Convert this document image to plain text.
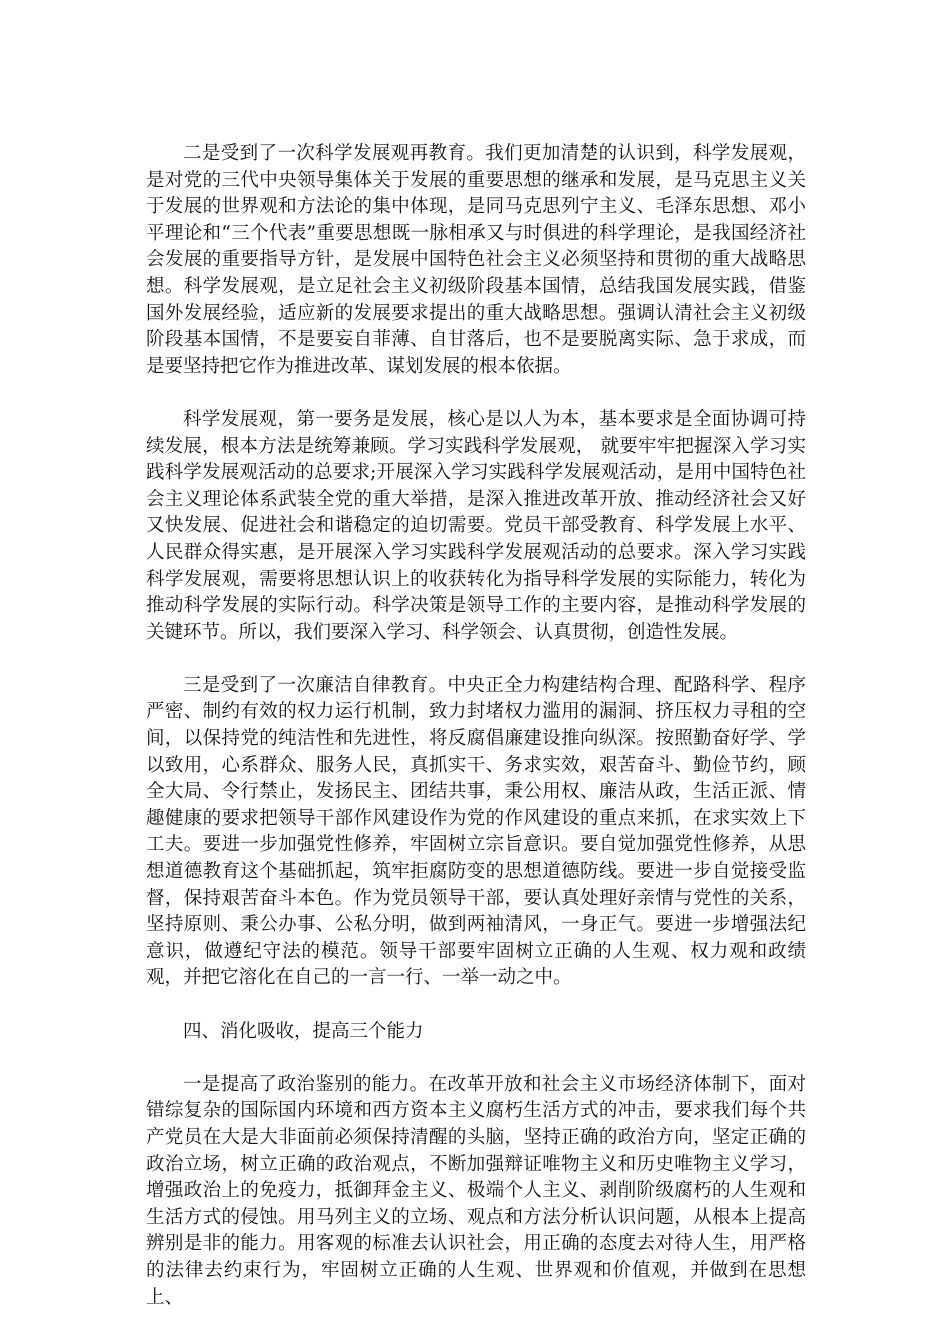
二是受到了一次科学发展观再教育。我们更加清楚的认识到，科学发展观，是对党的三代中央领导集体关于发展的重要思想的继承和发展，是马克思主义关于发展的世界观和方法论的集中体现，是同马克思列宁主义、毛泽东思想、邓小平理论和“三个代表”重要思想既一脉相承又与时俱进的科学理论，是我国经济社会发展的重要指导方针，是发展中国特色社会主义必须坚持和贯彻的重大战略思想。科学发展观，是立足社会主义初级阶段基本国情，总结我国发展实践，借鉴国外发展经验，适应新的发展要求提出的重大战略思想。强调认清社会主义初级阶段基本国情，不是要妄自菲薄、自甘落后，也不是要脱离实际、急于求成，而是要坚持把它作为推进改革、谋划发展的根本依据。

科学发展观，第一要务是发展，核心是以人为本，基本要求是全面协调可持续发展，根本方法是统筹兼顾。学习实践科学发展观， 就要牢牢把握深入学习实践科学发展观活动的总要求;开展深入学习实践科学发展观活动，是用中国特色社会主义理论体系武装全党的重大举措，是深入推进改革开放、推动经济社会又好又快发展、促进社会和谐稳定的迫切需要。党员干部受教育、科学发展上水平、人民群众得实惠，是开展深入学习实践科学发展观活动的总要求。深入学习实践科学发展观，需要将思想认识上的收获转化为指导科学发展的实际能力，转化为推动科学发展的实际行动。科学决策是领导工作的主要内容，是推动科学发展的关键环节。所以，我们要深入学习、科学领会、认真贯彻，创造性发展。

三是受到了一次廉洁自律教育。中央正全力构建结构合理、配路科学、程序严密、制约有效的权力运行机制，致力封堵权力滥用的漏洞、挤压权力寻租的空间，以保持党的纯洁性和先进性，将反腐倡廉建设推向纵深。按照勤奋好学、学以致用，心系群众、服务人民，真抓实干、务求实效，艰苦奋斗、勤俭节约，顾全大局、令行禁止，发扬民主、团结共事，秉公用权、廉洁从政，生活正派、情趣健康的要求把领导干部作风建设作为党的作风建设的重点来抓，在求实效上下工夫。要进一步加强党性修养，牢固树立宗旨意识。要自觉加强党性修养，从思想道德教育这个基础抓起，筑牢拒腐防变的思想道德防线。要进一步自觉接受监督，保持艰苦奋斗本色。作为党员领导干部，要认真处理好亲情与党性的关系，坚持原则、秉公办事、公私分明，做到两袖清风，一身正气。要进一步增强法纪意识，做遵纪守法的模范。领导干部要牢固树立正确的人生观、权力观和政绩观，并把它溶化在自己的一言一行、一举一动之中。

四、消化吸收，提高三个能力

一是提高了政治鉴别的能力。在改革开放和社会主义市场经济体制下，面对错综复杂的国际国内环境和西方资本主义腐朽生活方式的冲击，要求我们每个共产党员在大是大非面前必须保持清醒的头脑，坚持正确的政治方向，坚定正确的政治立场，树立正确的政治观点，不断加强辩证唯物主义和历史唯物主义学习，增强政治上的免疫力，抵御拜金主义、极端个人主义、剥削阶级腐朽的人生观和生活方式的侵蚀。用马列主义的立场、观点和方法分析认识问题，从根本上提高辨别是非的能力。用客观的标准去认识社会，用正确的态度去对待人生，用严格的法律去约束行为，牢固树立正确的人生观、世界观和价值观，并做到在思想上、
